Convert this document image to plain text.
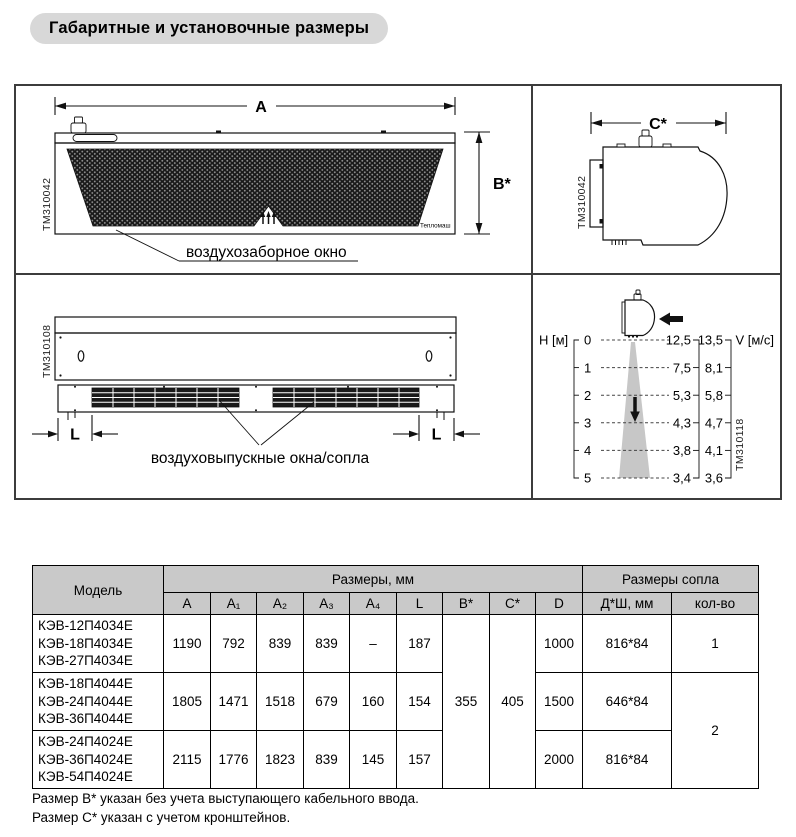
Габаритные и установочные размеры
A
Тепломаш
B*
воздухозаборное окно
TM310042
C*
TM310042
L	L
воздуховыпускные окна/сопла
TM310108	H [м]	V [м/с]
0
1
2
3
4
5
12,5
7,5
5,3
4,3
3,8
3,4
13,5
8,1
5,8
4,7
4,1
3,6
TM310118
Модель	Размеры, мм									Размеры сопла	
	А	А₁	А₂	А₃	А₄	L	B*	C*	D	Д*Ш, мм	кол-во

КЭВ-12П4034Е
КЭВ-18П4034Е
КЭВ-27П4034Е	1190	792	839	839	–	187	355	405	1000	816*84	1

КЭВ-18П4044Е
КЭВ-24П4044Е
КЭВ-36П4044Е	1805	1471	1518	679	160	154			1500	646*84	2

КЭВ-24П4024Е
КЭВ-36П4024Е
КЭВ-54П4024Е	2115	1776	1823	839	145	157			2000	816*84	
Размер B* указан без учета выступающего кабельного ввода.
Размер C* указан с учетом кронштейнов.
